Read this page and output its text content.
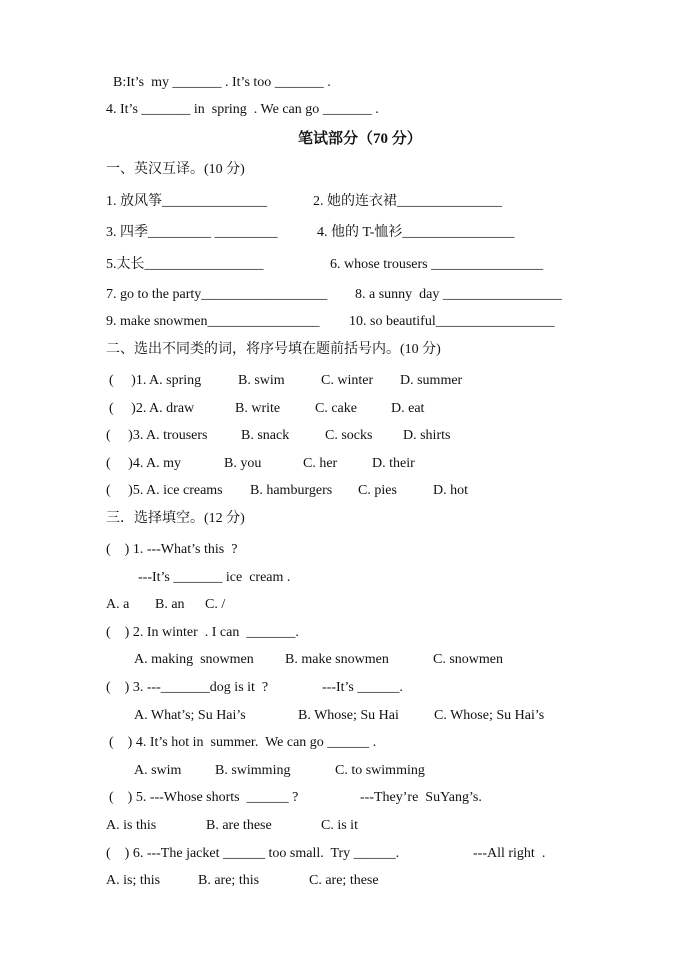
B:It’s  my _______ . It’s too _______ .
4. It’s _______ in  spring  . We can go _______ .
笔试部分（70 分）
一、英汉互译。(10 分)
1. 放风筝_______________	2. 她的连衣裙_______________
3. 四季_________ _________	4. 他的 T-恤衫________________
5.太长_________________	6. whose trousers ________________
7. go to the party__________________ 8. a sunny  day _________________
9. make snowmen________________ 10. so beautiful_________________
二、选出不同类的词，将序号填在题前括号内。(10 分)
(     )1. A. spring	B. swim	C. winter D. summer
(     )2. A. draw	B. write C. cake D. eat
(     )3. A. trousers B. snack	C. socks D. shirts
(     )4. A. my	B. you	C. her D. their
(     )5. A. ice creams B. hamburgers C. pies	D. hot
三．选择填空。(12 分)
(    ) 1. ---What’s this  ?
---It’s _______ ice  cream .
A. a B. an C. /
(    ) 2. In winter  . I can  _______.
A. making  snowmen B. make snowmen	C. snowmen
(    ) 3. ---_______dog is it  ?	---It’s ______.
A. What’s; Su Hai’s	B. Whose; Su Hai	C. Whose; Su Hai’s
(    ) 4. It’s hot in  summer.  We can go ______ .
A. swim B. swimming	C. to swimming
(    ) 5. ---Whose shorts  ______ ?	---They’re  SuYang’s.
A. is this	B. are these	C. is it
(    ) 6. ---The jacket ______ too small.  Try ______.	---All right  .
A. is; this	B. are; this	C. are; these
